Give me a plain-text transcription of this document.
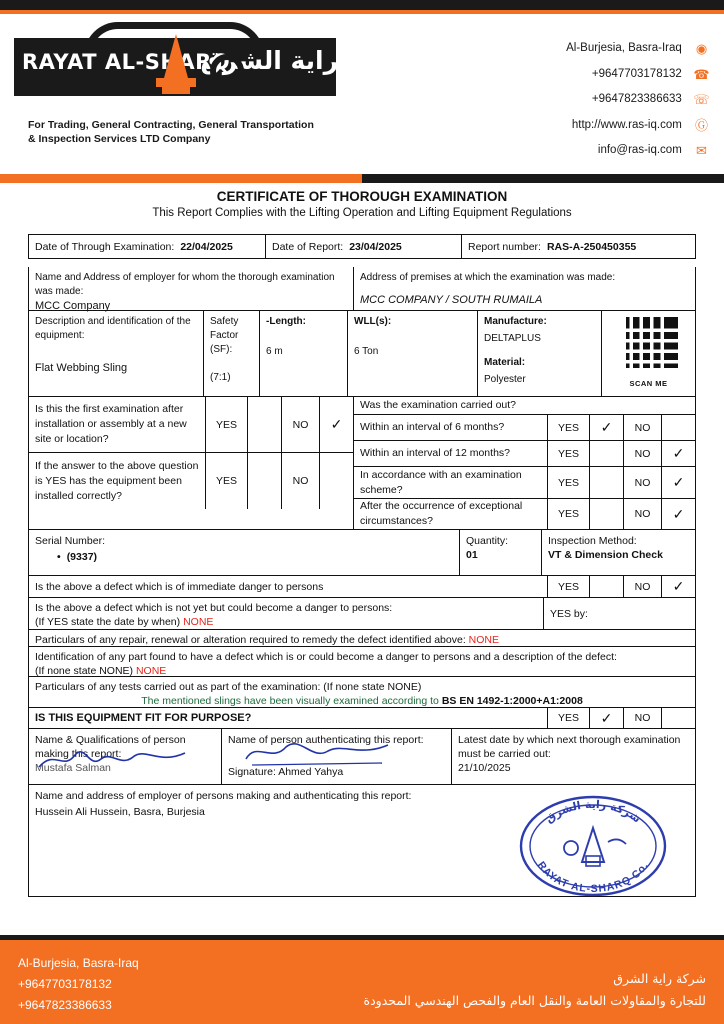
RAYAT AL-SHARQ
راية الشرق
For Trading, General Contracting, General Transportation
& Inspection Services LTD Company
Al-Burjesia, Basra-Iraq ◉
+9647703178132 ☎
+9647823386633 ☏
http://www.ras-iq.com Ⓖ
info@ras-iq.com ✉
CERTIFICATE OF THOROUGH EXAMINATION
This Report Complies with the Lifting Operation and Lifting Equipment Regulations
Date of Through Examination: 22/04/2025	Date of Report: 23/04/2025	Report number: RAS-A-250450355
Name and Address of employer for whom the thorough examination was made:
MCC Company
Address of premises at which the examination was made:
MCC COMPANY / SOUTH RUMAILA
Description and identification of the equipment:
Flat Webbing Sling
Safety Factor (SF):
(7:1)
-Length:
6 m
WLL(s):
6 Ton
Manufacture:
DELTAPLUS
Material:
Polyester	SCAN ME
Is this the first examination after installation or assembly at a new site or location?
YES	NO	✓
If the answer to the above question is YES has the equipment been installed correctly?
YES	NO
Was the examination carried out?
Within an interval of 6 months?	YES	✓	NO
Within an interval of 12 months?	YES	NO	✓
In accordance with an examination scheme?
YES	NO	✓
After the occurrence of exceptional circumstances?
YES	NO	✓
Serial Number:
• (9337)
Quantity:
01
Inspection Method:
VT & Dimension Check
Is the above a defect which is of immediate danger to persons	YES	NO	✓
Is the above a defect which is not yet but could become a danger to persons:
(If YES state the date by when) NONE
YES by:
Particulars of any repair, renewal or alteration required to remedy the defect identified above: NONE
Identification of any part found to have a defect which is or could become a danger to persons and a description of the defect:
(If none state NONE) NONE
Particulars of any tests carried out as part of the examination: (If none state NONE)
The mentioned slings have been visually examined according to BS EN 1492-1:2000+A1:2008
IS THIS EQUIPMENT FIT FOR PURPOSE?	YES	✓	NO
Name & Qualifications of person making this report:
Mustafa Salman
Name of person authenticating this report:
Signature: Ahmed Yahya
Latest date by which next thorough examination must be carried out:
21/10/2025
Name and address of employer of persons making and authenticating this report:
Hussein Ali Hussein, Basra, Burjesia	شركة راية الشرق
RAYAT AL-SHARQ Co.
Al-Burjesia, Basra-Iraq
+9647703178132
+9647823386633
شركة راية الشرق
للتجارة والمقاولات العامة والنقل العام والفحص الهندسي المحدودة
